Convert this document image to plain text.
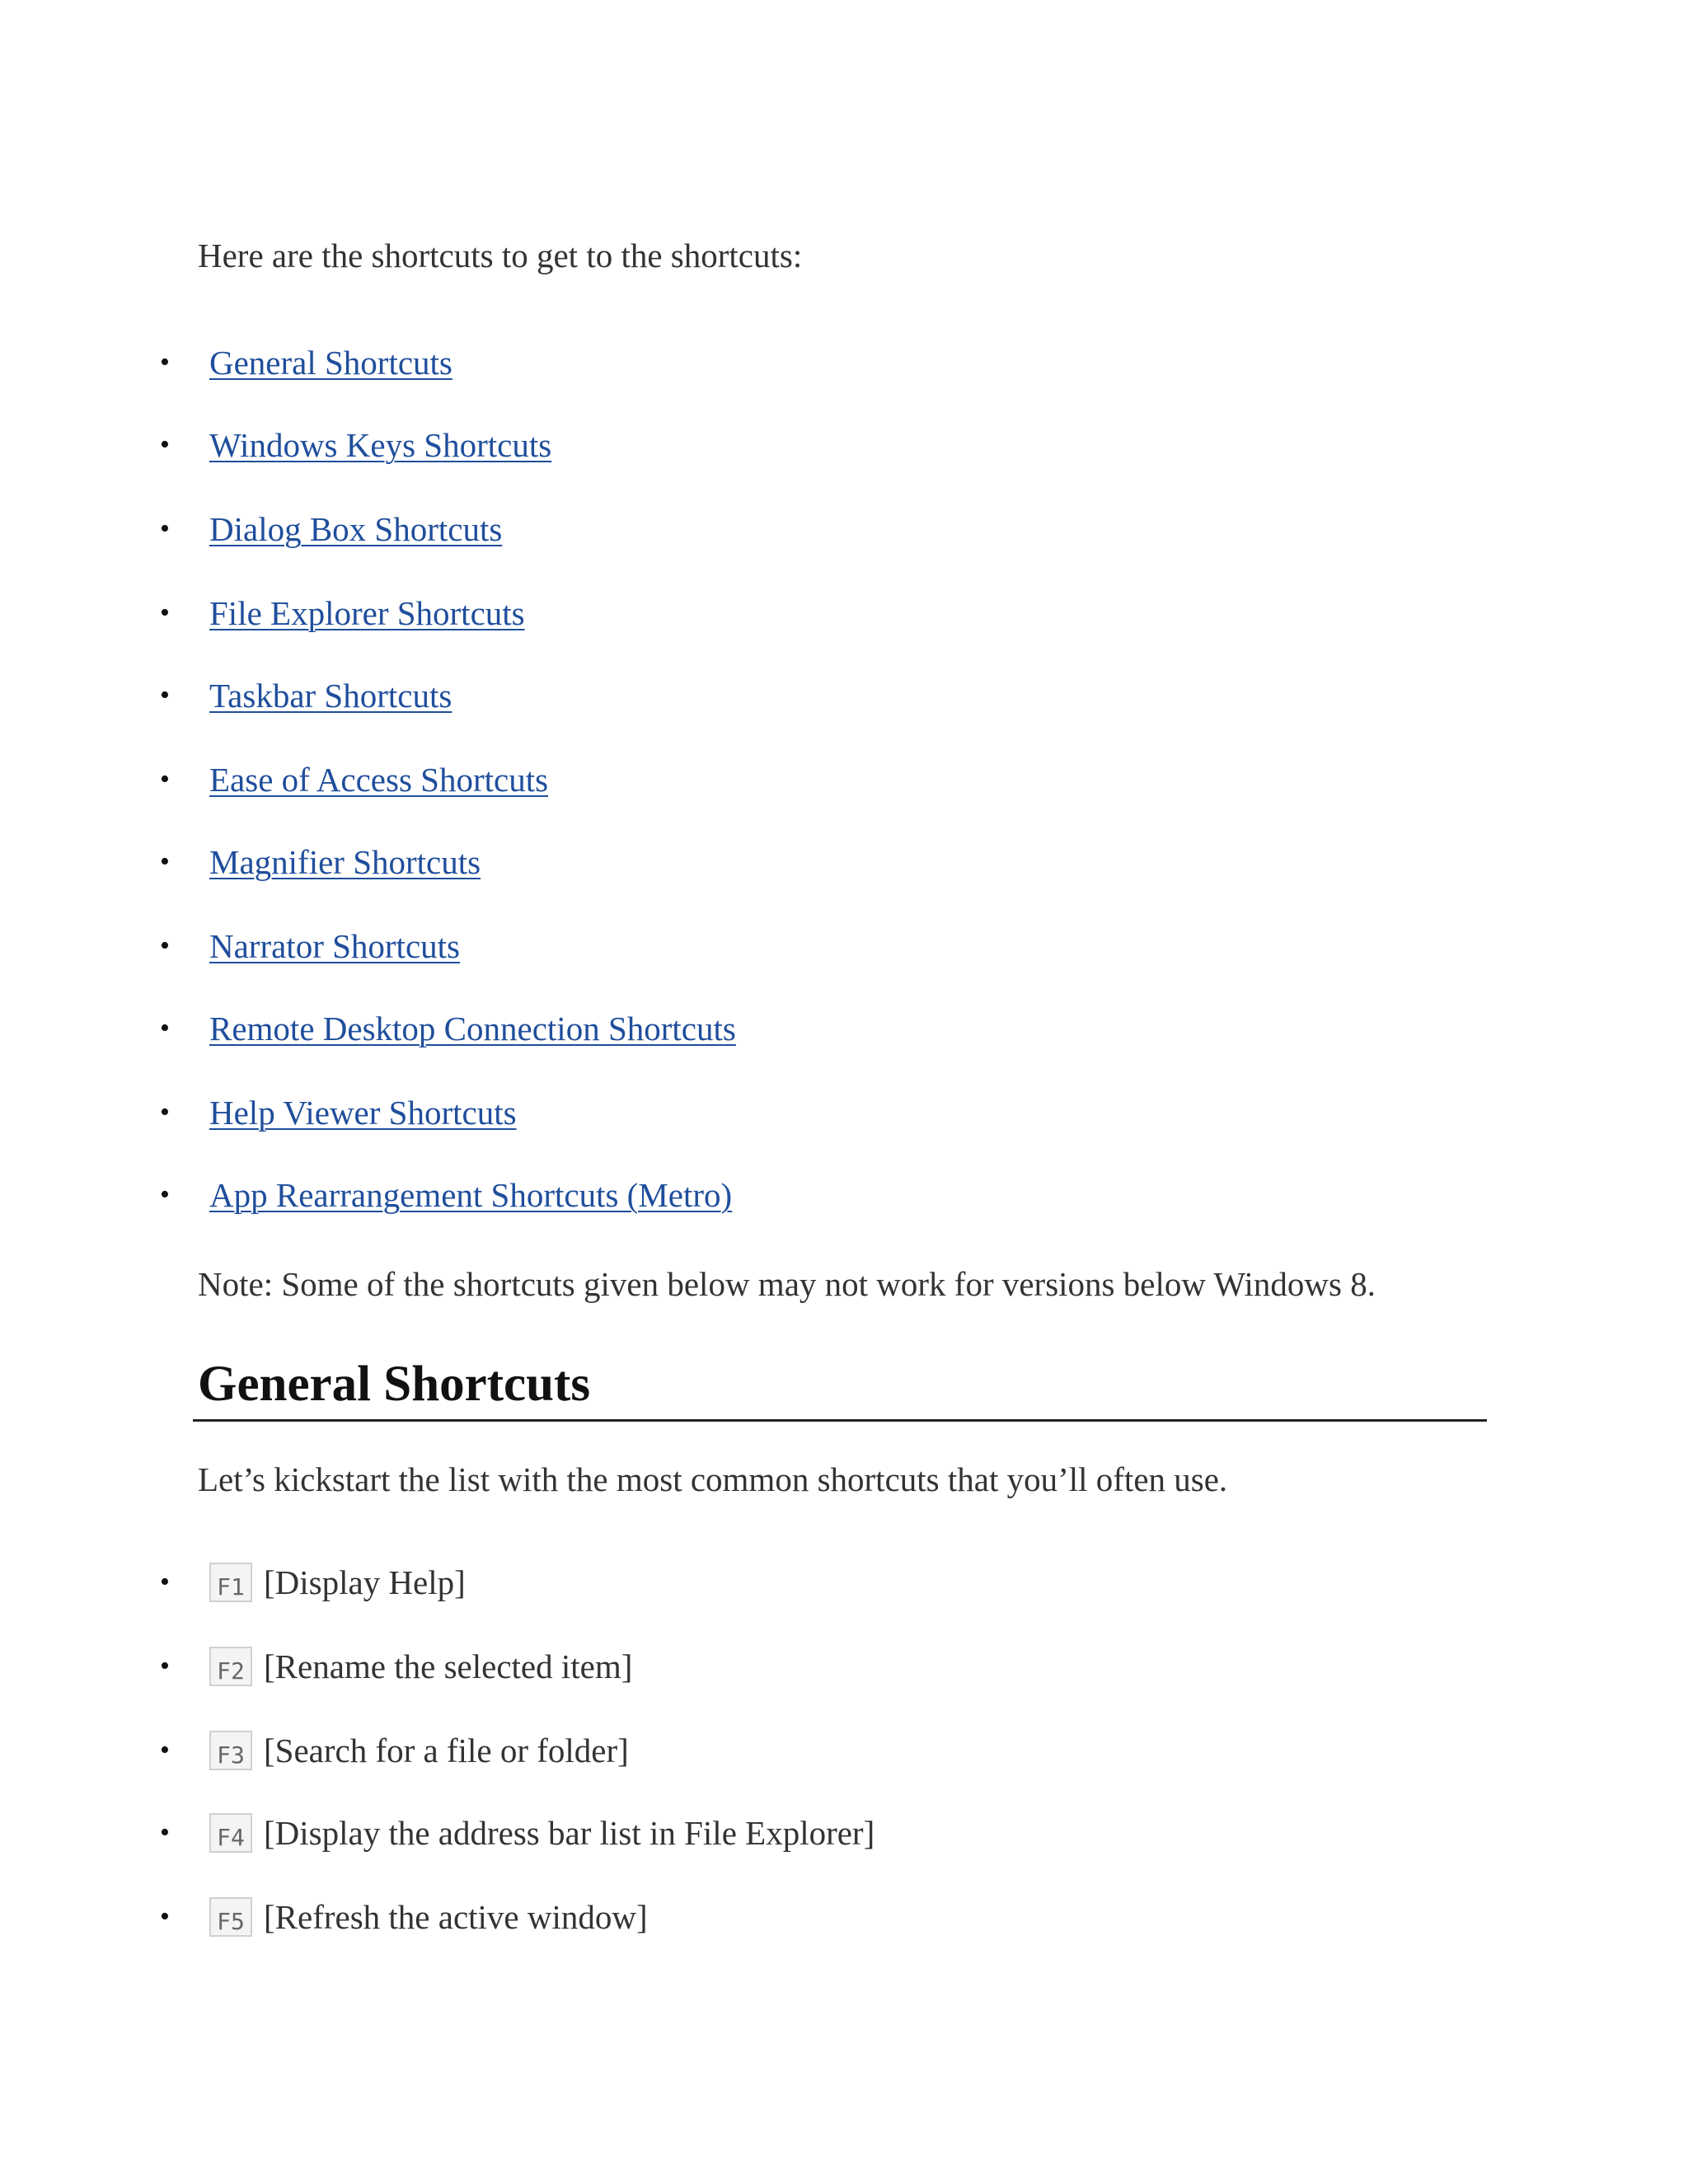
Here are the shortcuts to get to the shortcuts:

• General Shortcuts
• Windows Keys Shortcuts
• Dialog Box Shortcuts
• File Explorer Shortcuts
• Taskbar Shortcuts
• Ease of Access Shortcuts
• Magnifier Shortcuts
• Narrator Shortcuts
• Remote Desktop Connection Shortcuts
• Help Viewer Shortcuts
• App Rearrangement Shortcuts (Metro)

Note: Some of the shortcuts given below may not work for versions below Windows 8.

General Shortcuts

Let’s kickstart the list with the most common shortcuts that you’ll often use.

•	F1 [Display Help]
•	F2 [Rename the selected item]
•	F3 [Search for a file or folder]
•	F4 [Display the address bar list in File Explorer]
•	F5 [Refresh the active window]
